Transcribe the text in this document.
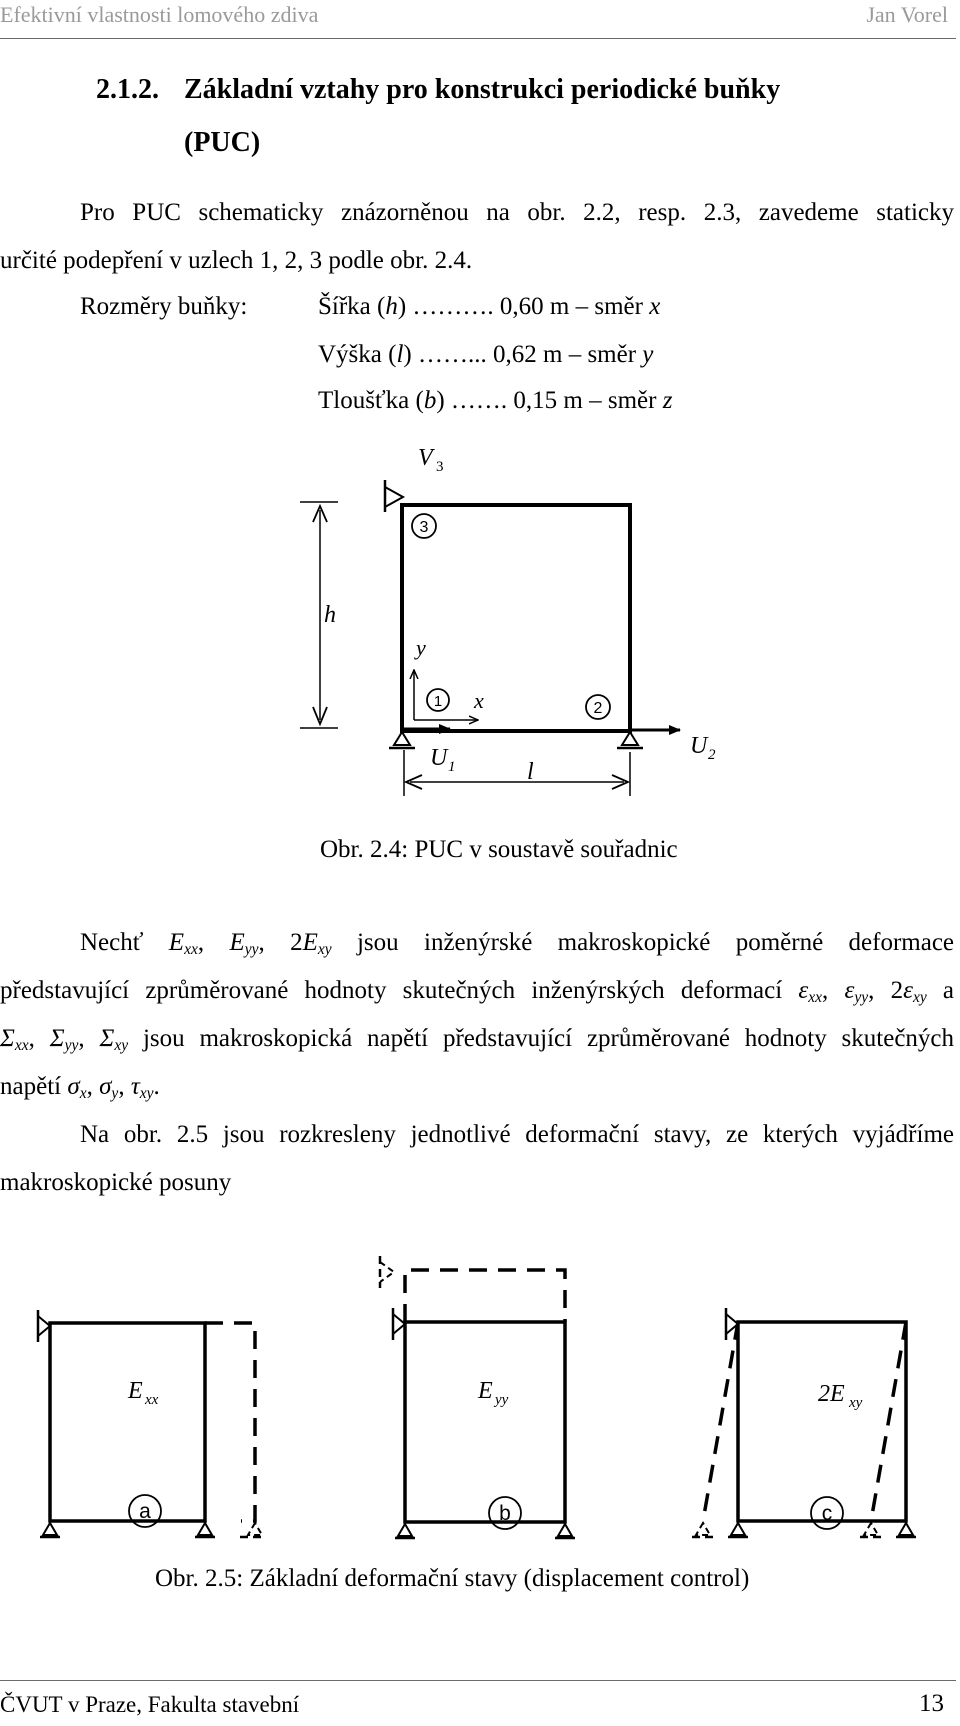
Efektivní vlastnosti lomového zdiva	Jan Vorel
2.1.2. Základní vztahy pro konstrukci periodické buňky
(PUC)
Pro PUC schematicky znázorněnou na obr. 2.2, resp. 2.3, zavedeme staticky
určité podepření v uzlech 1, 2, 3 podle obr. 2.4.
Rozměry buňky:	Šířka (h) ………. 0,60 m – směr x
Výška (l) ……... 0,62 m – směr y
Tloušťka (b) ……. 0,15 m – směr z
V 3
3
h
y
1 x	2
U 1
U 2
l
Obr. 2.4: PUC v soustavě souřadnic
Nechť $E_{xx}$, $E_{yy}$, $2E_{xy}$ jsou inženýrské makroskopické poměrné deformace
představující zprůměrované hodnoty skutečných inženýrských deformací $\varepsilon_{xx}$, $\varepsilon_{yy}$, $2\varepsilon_{xy}$ a
$\Sigma_{xx}$, $\Sigma_{yy}$, $\Sigma_{xy}$ jsou makroskopická napětí představující zprůměrované hodnoty skutečných
napětí $\sigma_x$, $\sigma_y$, $\tau_{xy}$.
Na obr. 2.5 jsou rozkresleny jednotlivé deformační stavy, ze kterých vyjádříme
makroskopické posuny
E xx	E yy	2E xy
a	b	c
Obr. 2.5: Základní deformační stavy (displacement control)
ČVUT v Praze, Fakulta stavební	13
